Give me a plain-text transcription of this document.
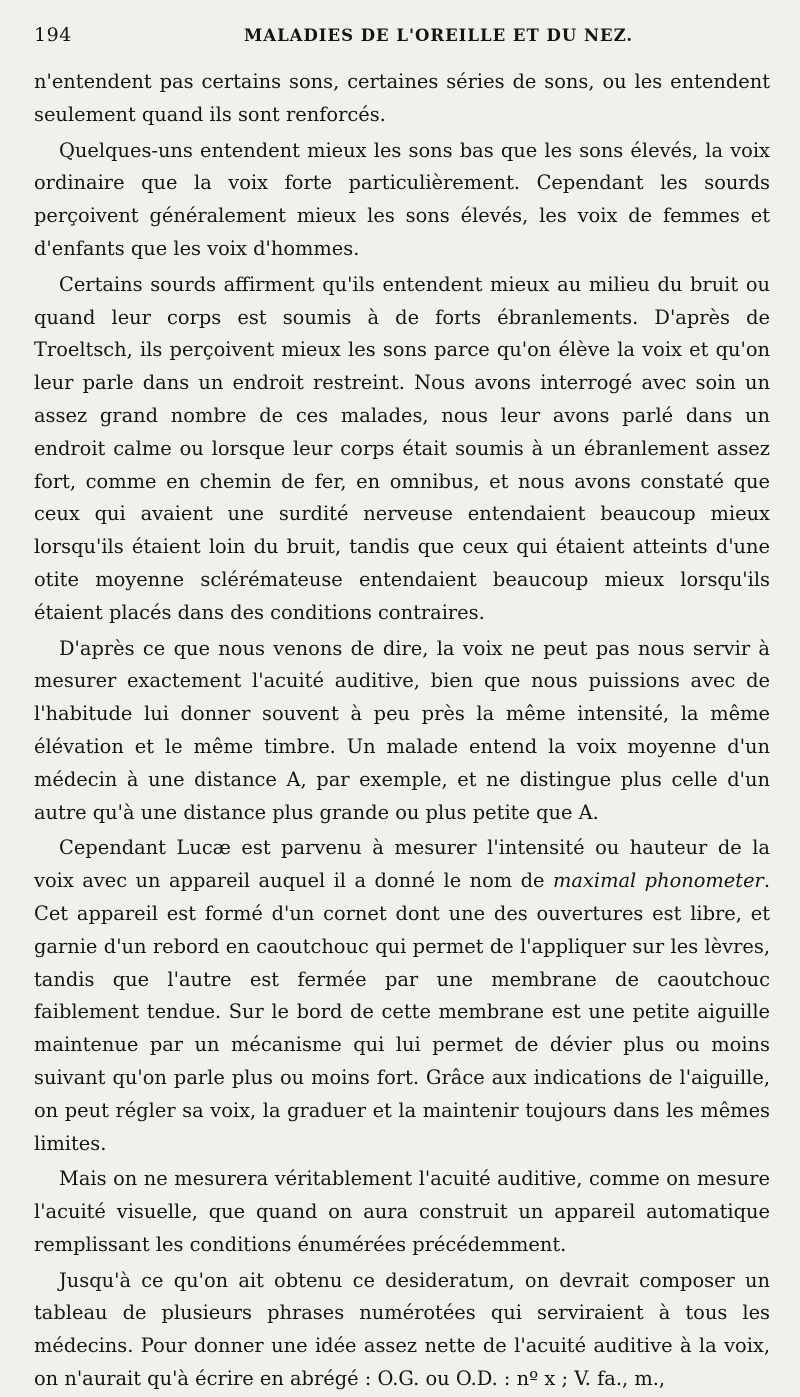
194	MALADIES DE L'OREILLE ET DU NEZ.

n'entendent pas certains sons, certaines séries de sons, ou les entendent seulement quand ils sont renforcés.

Quelques-uns entendent mieux les sons bas que les sons élevés, la voix ordinaire que la voix forte particulièrement. Cependant les sourds perçoivent généralement mieux les sons élevés, les voix de femmes et d'enfants que les voix d'hommes.

Certains sourds affirment qu'ils entendent mieux au milieu du bruit ou quand leur corps est soumis à de forts ébranlements. D'après de Troeltsch, ils perçoivent mieux les sons parce qu'on élève la voix et qu'on leur parle dans un endroit restreint. Nous avons interrogé avec soin un assez grand nombre de ces malades, nous leur avons parlé dans un endroit calme ou lorsque leur corps était soumis à un ébranlement assez fort, comme en chemin de fer, en omnibus, et nous avons constaté que ceux qui avaient une surdité nerveuse entendaient beaucoup mieux lorsqu'ils étaient loin du bruit, tandis que ceux qui étaient atteints d'une otite moyenne sclérémateuse entendaient beaucoup mieux lorsqu'ils étaient placés dans des conditions contraires.

D'après ce que nous venons de dire, la voix ne peut pas nous servir à mesurer exactement l'acuité auditive, bien que nous puissions avec de l'habitude lui donner souvent à peu près la même intensité, la même élévation et le même timbre. Un malade entend la voix moyenne d'un médecin à une distance A, par exemple, et ne distingue plus celle d'un autre qu'à une distance plus grande ou plus petite que A.

Cependant Lucæ est parvenu à mesurer l'intensité ou hauteur de la voix avec un appareil auquel il a donné le nom de maximal phonometer. Cet appareil est formé d'un cornet dont une des ouvertures est libre, et garnie d'un rebord en caoutchouc qui permet de l'appliquer sur les lèvres, tandis que l'autre est fermée par une membrane de caoutchouc faiblement tendue. Sur le bord de cette membrane est une petite aiguille maintenue par un mécanisme qui lui permet de dévier plus ou moins suivant qu'on parle plus ou moins fort. Grâce aux indications de l'aiguille, on peut régler sa voix, la graduer et la maintenir toujours dans les mêmes limites.

Mais on ne mesurera véritablement l'acuité auditive, comme on mesure l'acuité visuelle, que quand on aura construit un appareil automatique remplissant les conditions énumérées précédemment.

Jusqu'à ce qu'on ait obtenu ce desideratum, on devrait composer un tableau de plusieurs phrases numérotées qui serviraient à tous les médecins. Pour donner une idée assez nette de l'acuité auditive à la voix, on n'aurait qu'à écrire en abrégé : O.G. ou O.D. : nº x ; V. fa., m.,
